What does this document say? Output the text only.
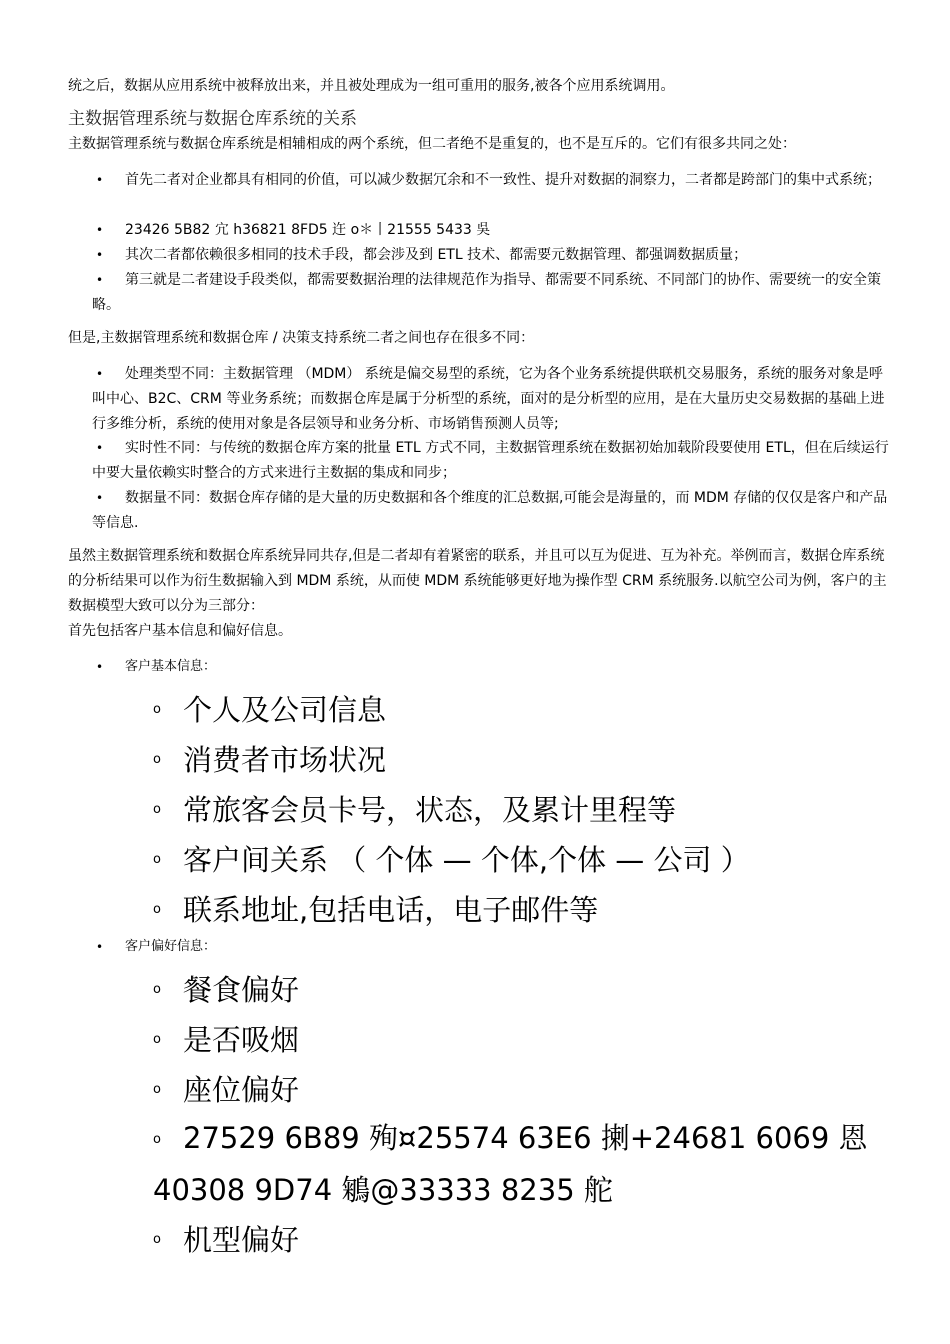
统之后，数据从应用系统中被释放出来，并且被处理成为一组可重用的服务,被各个应用系统调用。

主数据管理系统与数据仓库系统的关系

主数据管理系统与数据仓库系统是相辅相成的两个系统，但二者绝不是重复的，也不是互斥的。它们有很多共同之处：

•	首先二者对企业都具有相同的价值，可以减少数据冗余和不一致性、提升对数据的洞察力，二者都是跨部门的集中式系统；
•	23426 5B82 宂 h36821 8FD5 迕 o＊丨21555 5433 吳
•	其次二者都依赖很多相同的技术手段，都会涉及到 ETL 技术、都需要元数据管理、都强调数据质量；
•	第三就是二者建设手段类似，都需要数据治理的法律规范作为指导、都需要不同系统、不同部门的协作、需要统一的安全策略。

但是,主数据管理系统和数据仓库 / 决策支持系统二者之间也存在很多不同：

•	处理类型不同：主数据管理 （MDM） 系统是偏交易型的系统，它为各个业务系统提供联机交易服务，系统的服务对象是呼叫中心、B2C、CRM 等业务系统；而数据仓库是属于分析型的系统，面对的是分析型的应用，是在大量历史交易数据的基础上进行多维分析，系统的使用对象是各层领导和业务分析、市场销售预测人员等;
•	实时性不同：与传统的数据仓库方案的批量 ETL 方式不同，主数据管理系统在数据初始加载阶段要使用 ETL，但在后续运行中要大量依赖实时整合的方式来进行主数据的集成和同步；
•	数据量不同：数据仓库存储的是大量的历史数据和各个维度的汇总数据,可能会是海量的，而 MDM 存储的仅仅是客户和产品等信息.

虽然主数据管理系统和数据仓库系统异同共存,但是二者却有着紧密的联系，并且可以互为促进、互为补充。举例而言，数据仓库系统的分析结果可以作为衍生数据输入到 MDM 系统，从而使 MDM 系统能够更好地为操作型 CRM 系统服务.以航空公司为例，客户的主数据模型大致可以分为三部分：

首先包括客户基本信息和偏好信息。

• 客户基本信息：
o 个人及公司信息
o 消费者市场状况
o 常旅客会员卡号，状态，及累计里程等
o 客户间关系 （ 个体 — 个体,个体 — 公司 ）
o 联系地址,包括电话，电子邮件等
• 客户偏好信息：
o 餐食偏好
o 是否吸烟
o 座位偏好
o 27529 6B89 殉¤25574 63E6 揦+24681 6069 恩40308 9D74 鵴@33333 8235 舵
o 机型偏好
